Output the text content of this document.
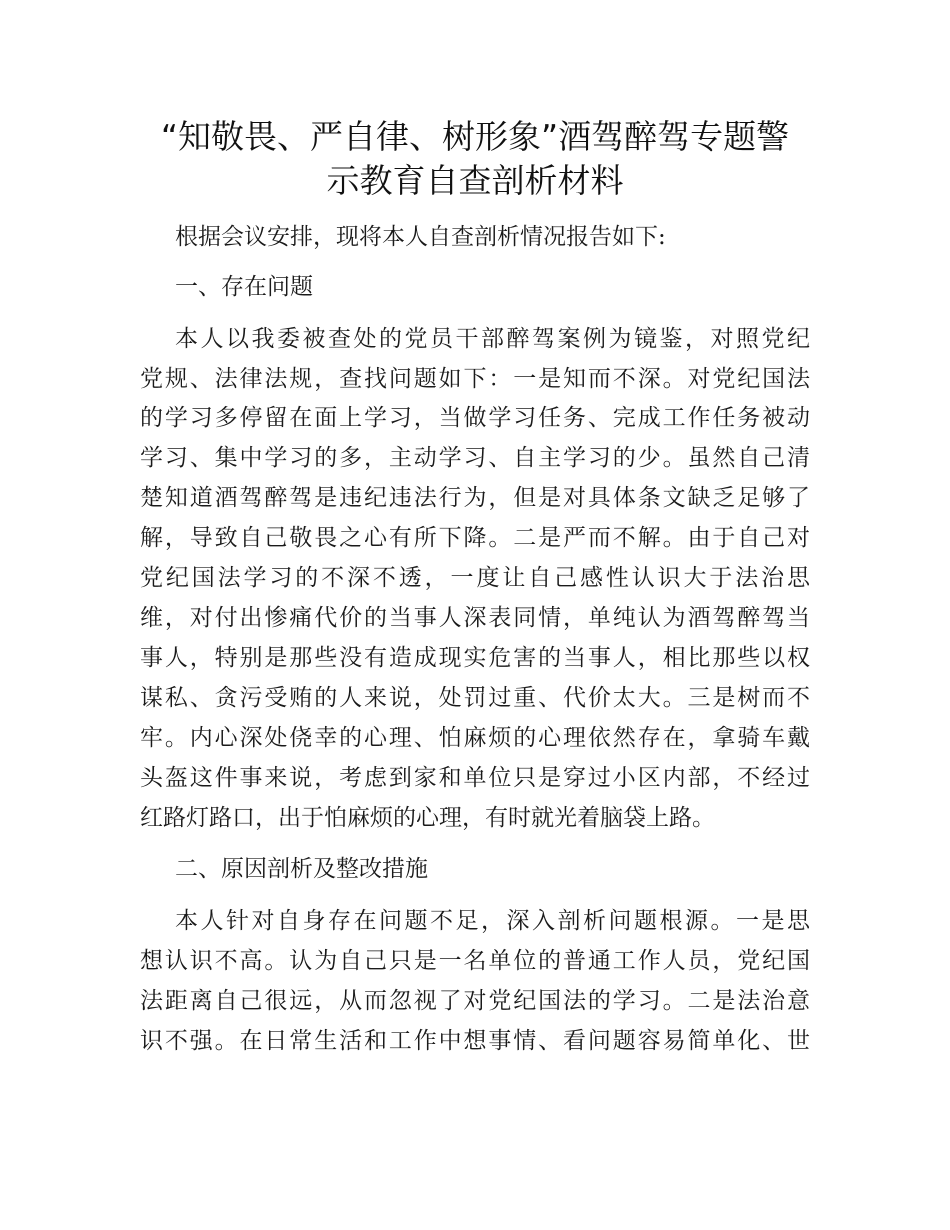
“知敬畏、严自律、树形象”酒驾醉驾专题警
示教育自查剖析材料
根据会议安排，现将本人自查剖析情况报告如下:
一、存在问题
本人以我委被查处的党员干部醉驾案例为镜鉴，对照党纪
党规、法律法规，查找问题如下：一是知而不深。对党纪国法
的学习多停留在面上学习，当做学习任务、完成工作任务被动
学习、集中学习的多，主动学习、自主学习的少。虽然自己清
楚知道酒驾醉驾是违纪违法行为，但是对具体条文缺乏足够了
解，导致自己敬畏之心有所下降。二是严而不解。由于自己对
党纪国法学习的不深不透，一度让自己感性认识大于法治思
维，对付出惨痛代价的当事人深表同情，单纯认为酒驾醉驾当
事人，特别是那些没有造成现实危害的当事人，相比那些以权
谋私、贪污受贿的人来说，处罚过重、代价太大。三是树而不
牢。内心深处侥幸的心理、怕麻烦的心理依然存在，拿骑车戴
头盔这件事来说，考虑到家和单位只是穿过小区内部，不经过
红路灯路口，出于怕麻烦的心理，有时就光着脑袋上路。
二、原因剖析及整改措施
本人针对自身存在问题不足，深入剖析问题根源。一是思
想认识不高。认为自己只是一名单位的普通工作人员，党纪国
法距离自己很远，从而忽视了对党纪国法的学习。二是法治意
识不强。在日常生活和工作中想事情、看问题容易简单化、世
